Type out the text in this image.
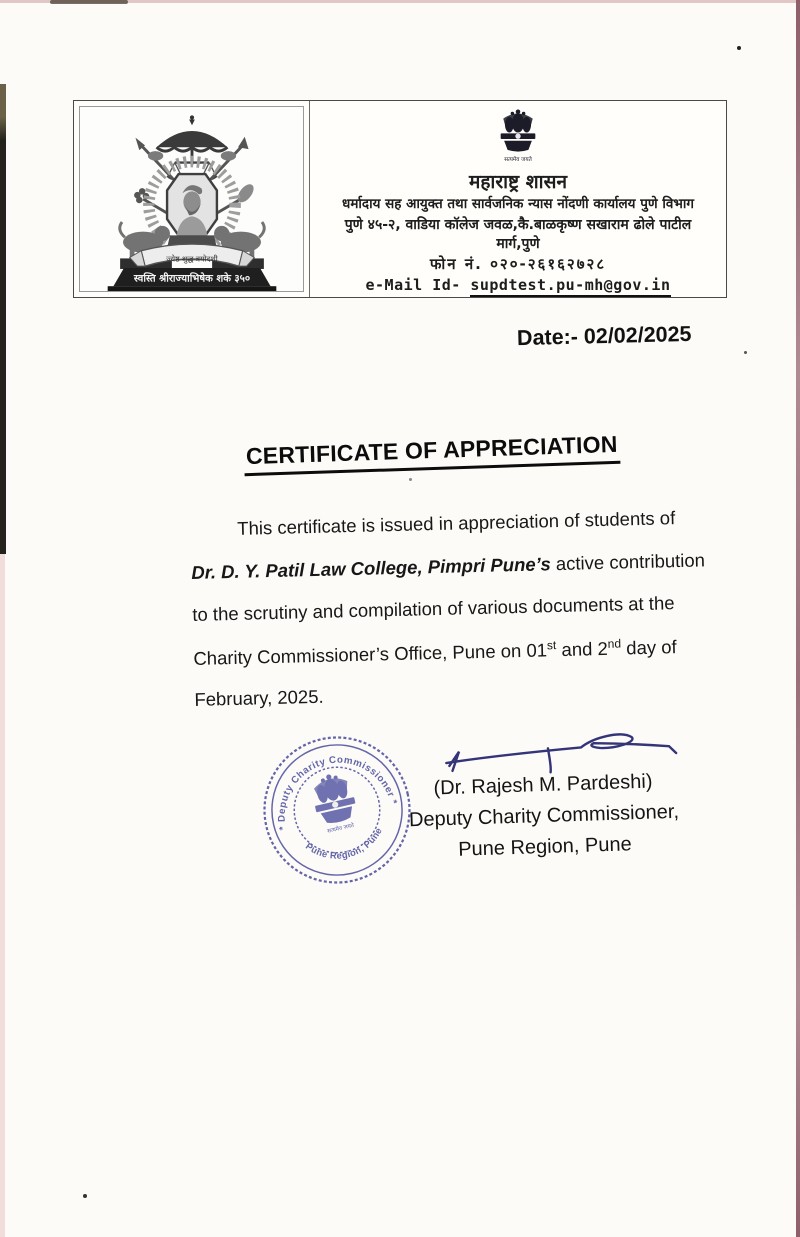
ज्येष्ठ शुद्ध त्रयोदशी
स्वस्ति श्रीराज्याभिषेक शके ३५०
सत्यमेव जयते
महाराष्ट्र शासन
धर्मादाय सह आयुक्त तथा सार्वजनिक न्यास नोंदणी कार्यालय पुणे विभाग
पुणे ४५-२, वाडिया कॉलेज जवळ,कै.बाळकृष्ण सखाराम ढोले पाटील
मार्ग,पुणे
फोन नं. ०२०-२६१६२७२८
e-Mail Id- supdtest.pu-mh@gov.in
Date:- 02/02/2025
CERTIFICATE OF APPRECIATION
This certificate is issued in appreciation of students of
Dr. D. Y. Patil Law College, Pimpri Pune’s active contribution
to the scrutiny and compilation of various documents at the
Charity Commissioner’s Office, Pune on 01st and 2nd day of
February, 2025.
* Deputy Charity Commissioner *
Pune Region, Pune
सत्यमेव जयते
(Dr. Rajesh M. Pardeshi)
Deputy Charity Commissioner,
Pune Region, Pune
